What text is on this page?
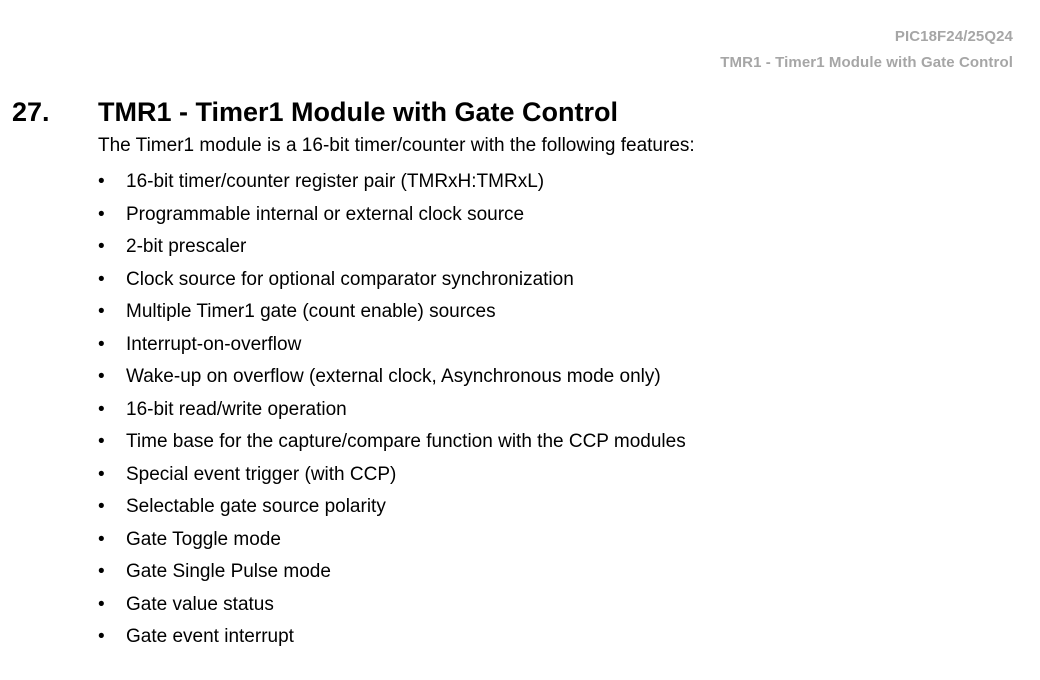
PIC18F24/25Q24
TMR1 - Timer1 Module with Gate Control
27. TMR1 - Timer1 Module with Gate Control
The Timer1 module is a 16-bit timer/counter with the following features:
•	16-bit timer/counter register pair (TMRxH:TMRxL)
•	Programmable internal or external clock source
•	2-bit prescaler
•	Clock source for optional comparator synchronization
•	Multiple Timer1 gate (count enable) sources
•	Interrupt-on-overflow
•	Wake-up on overflow (external clock, Asynchronous mode only)
•	16-bit read/write operation
•	Time base for the capture/compare function with the CCP modules
•	Special event trigger (with CCP)
•	Selectable gate source polarity
•	Gate Toggle mode
•	Gate Single Pulse mode
•	Gate value status
•	Gate event interrupt
